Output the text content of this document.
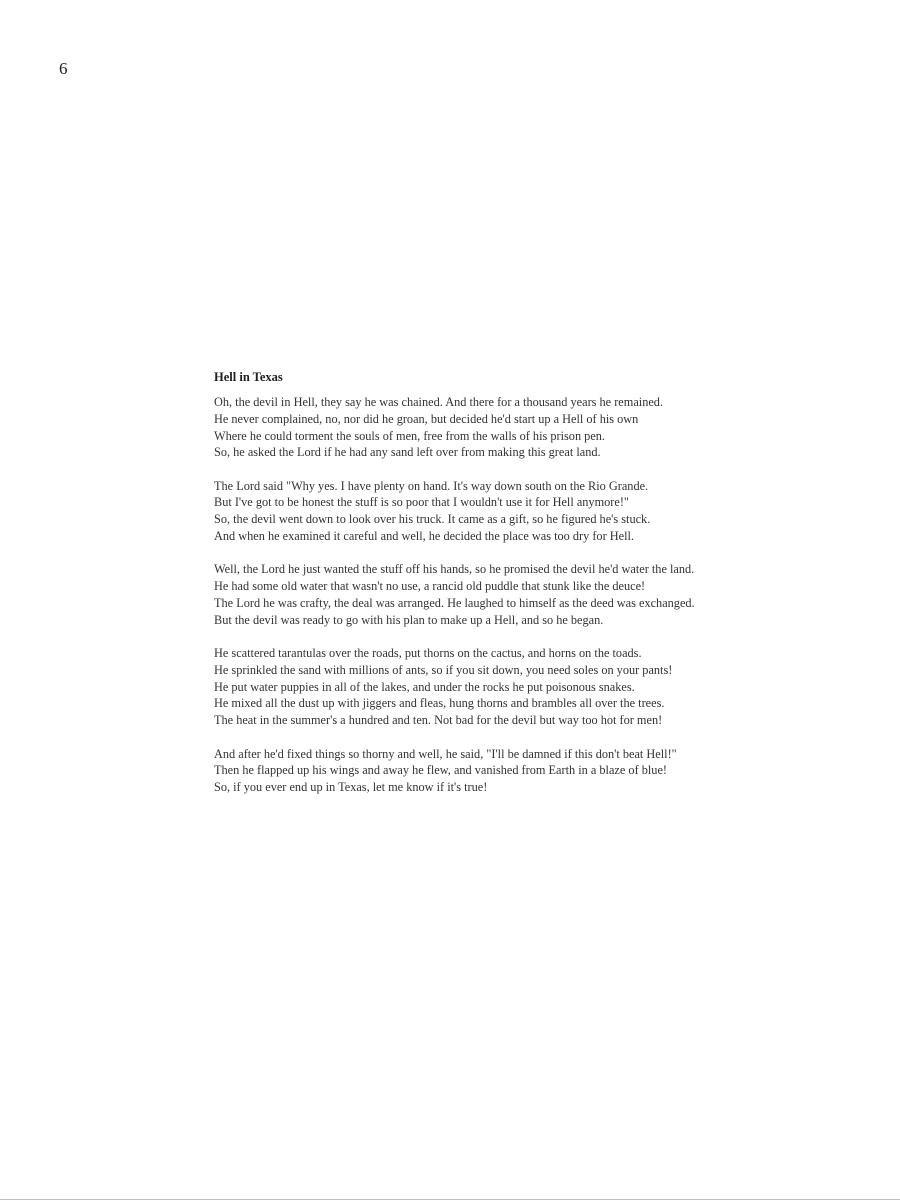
6
Hell in Texas
Oh, the devil in Hell, they say he was chained. And there for a thousand years he remained.
He never complained, no, nor did he groan, but decided he'd start up a Hell of his own
Where he could torment the souls of men, free from the walls of his prison pen.
So, he asked the Lord if he had any sand left over from making this great land.
The Lord said "Why yes. I have plenty on hand. It's way down south on the Rio Grande.
But I've got to be honest the stuff is so poor that I wouldn't use it for Hell anymore!"
So, the devil went down to look over his truck. It came as a gift, so he figured he's stuck.
And when he examined it careful and well, he decided the place was too dry for Hell.
Well, the Lord he just wanted the stuff off his hands, so he promised the devil he'd water the land.
He had some old water that wasn't no use, a rancid old puddle that stunk like the deuce!
The Lord he was crafty, the deal was arranged. He laughed to himself as the deed was exchanged.
But the devil was ready to go with his plan to make up a Hell, and so he began.
He scattered tarantulas over the roads, put thorns on the cactus, and horns on the toads.
He sprinkled the sand with millions of ants, so if you sit down, you need soles on your pants!
He put water puppies in all of the lakes, and under the rocks he put poisonous snakes.
He mixed all the dust up with jiggers and fleas, hung thorns and brambles all over the trees.
The heat in the summer's a hundred and ten. Not bad for the devil but way too hot for men!
And after he'd fixed things so thorny and well, he said, "I'll be damned if this don't beat Hell!"
Then he flapped up his wings and away he flew, and vanished from Earth in a blaze of blue!
So, if you ever end up in Texas, let me know if it's true!
